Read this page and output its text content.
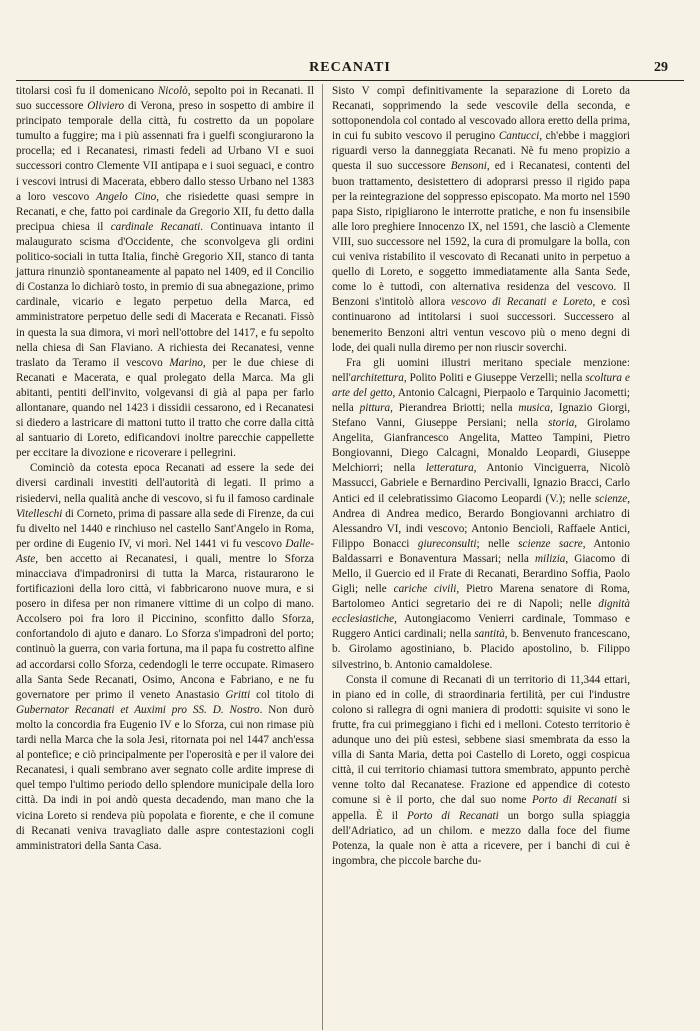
RECANATI	29

titolarsi così fu il domenicano Nicolò, sepolto poi in Recanati. Il suo successore Oliviero di Verona, preso in sospetto di ambire il principato temporale della città, fu costretto da un popolare tumulto a fuggire; ma i più assennati fra i guelfi scongiurarono la procella; ed i Recanatesi, rimasti fedeli ad Urbano VI e suoi successori contro Clemente VII antipapa e i suoi seguaci, e contro i vescovi intrusi di Macerata, ebbero dallo stesso Urbano nel 1383 a loro vescovo Angelo Cino, che risiedette quasi sempre in Recanati, e che, fatto poi cardinale da Gregorio XII, fu detto dalla precipua chiesa il cardinale Recanati. Continuava intanto il malaugurato scisma d'Occidente, che sconvolgeva gli ordini politico-sociali in tutta Italia, finchè Gregorio XII, stanco di tanta jattura rinunziò spontaneamente al papato nel 1409, ed il Concilio di Costanza lo dichiarò tosto, in premio di sua abnegazione, primo cardinale, vicario e legato perpetuo della Marca, ed amministratore perpetuo delle sedi di Macerata e Recanati. Fissò in questa la sua dimora, vi morì nell'ottobre del 1417, e fu sepolto nella chiesa di San Flaviano. A richiesta dei Recanatesi, venne traslato da Teramo il vescovo Marino, per le due chiese di Recanati e Macerata, e qual prolegato della Marca. Ma gli abitanti, pentiti dell'invito, volgevansi di già al papa per farlo allontanare, quando nel 1423 i dissidii cessarono, ed i Recanatesi si diedero a lastricare di mattoni tutto il tratto che corre dalla città al santuario di Loreto, edificandovi inoltre parecchie cappellette per eccitare la divozione e ricoverare i pellegrini.

Cominciò da cotesta epoca Recanati ad essere la sede dei diversi cardinali investiti dell'autorità di legati. Il primo a risiedervi, nella qualità anche di vescovo, si fu il famoso cardinale Vitelleschi di Corneto, prima di passare alla sede di Firenze, da cui fu divelto nel 1440 e rinchiuso nel castello Sant'Angelo in Roma, per ordine di Eugenio IV, vi morì. Nel 1441 vi fu vescovo Dalle-Aste, ben accetto ai Recanatesi, i quali, mentre lo Sforza minacciava d'impadronirsi di tutta la Marca, ristaurarono le fortificazioni della loro città, vi fabbricarono nuove mura, e si posero in difesa per non rimanere vittime di un colpo di mano. Accolsero poi fra loro il Piccinino, sconfitto dallo Sforza, confortandolo di ajuto e danaro. Lo Sforza s'impadronì del porto; continuò la guerra, con varia fortuna, ma il papa fu costretto alfine ad accordarsi collo Sforza, cedendogli le terre occupate. Rimasero alla Santa Sede Recanati, Osimo, Ancona e Fabriano, e ne fu governatore per primo il veneto Anastasio Gritti col titolo di Gubernator Recanati et Auximi pro SS. D. Nostro. Non durò molto la concordia fra Eugenio IV e lo Sforza, cui non rimase più tardi nella Marca che la sola Jesi, ritornata poi nel 1447 anch'essa al pontefice; e ciò principalmente per l'operosità e per il valore dei Recanatesi, i quali sembrano aver segnato colle ardite imprese di quel tempo l'ultimo periodo dello splendore municipale della loro città. Da indi in poi andò questa decadendo, man mano che la vicina Loreto si rendeva più popolata e fiorente, e che il comune di Recanati veniva travagliato dalle aspre contestazioni cogli amministratori della Santa Casa.

Sisto V compì definitivamente la separazione di Loreto da Recanati, sopprimendo la sede vescovile della seconda, e sottoponendola col contado al vescovado allora eretto della prima, in cui fu subito vescovo il perugino Cantucci, ch'ebbe i maggiori riguardi verso la danneggiata Recanati. Nè fu meno propizio a questa il suo successore Bensoni, ed i Recanatesi, contenti del buon trattamento, desistettero di adoprarsi presso il rigido papa per la reintegrazione del soppresso episcopato. Ma morto nel 1590 papa Sisto, ripigliarono le interrotte pratiche, e non fu insensibile alle loro preghiere Innocenzo IX, nel 1591, che lasciò a Clemente VIII, suo successore nel 1592, la cura di promulgare la bolla, con cui veniva ristabilito il vescovato di Recanati unito in perpetuo a quello di Loreto, e soggetto immediatamente alla Santa Sede, come lo è tuttodì, con alternativa residenza del vescovo. Il Benzoni s'intitolò allora vescovo di Recanati e Loreto, e così continuarono ad intitolarsi i suoi successori. Successero al benemerito Benzoni altri ventun vescovo più o meno degni di lode, dei quali nulla diremo per non riuscir soverchi.

Fra gli uomini illustri meritano speciale menzione: nell'architettura, Polito Politi e Giuseppe Verzelli; nella scoltura e arte del getto, Antonio Calcagni, Pierpaolo e Tarquinio Jacometti; nella pittura, Pierandrea Briotti; nella musica, Ignazio Giorgi, Stefano Vanni, Giuseppe Persiani; nella storia, Girolamo Angelita, Gianfrancesco Angelita, Matteo Tampini, Pietro Bongiovanni, Diego Calcagni, Monaldo Leopardi, Giuseppe Melchiorri; nella letteratura, Antonio Vinciguerra, Nicolò Massucci, Gabriele e Bernardino Percivalli, Ignazio Bracci, Carlo Antici ed il celebratissimo Giacomo Leopardi (V.); nelle scienze, Andrea di Andrea medico, Berardo Bongiovanni archiatro di Alessandro VI, indi vescovo; Antonio Bencioli, Raffaele Antici, Filippo Bonacci giureconsulti; nelle scienze sacre, Antonio Baldassarri e Bonaventura Massari; nella milizia, Giacomo di Mello, il Guercio ed il Frate di Recanati, Berardino Soffia, Paolo Gigli; nelle cariche civili, Pietro Marena senatore di Roma, Bartolomeo Antici segretario dei re di Napoli; nelle dignità ecclesiastiche, Autongiacomo Venierri cardinale, Tommaso e Ruggero Antici cardinali; nella santità, b. Benvenuto francescano, b. Girolamo agostiniano, b. Placido apostolino, b. Filippo silvestrino, b. Antonio camaldolese.

Consta il comune di Recanati di un territorio di 11,344 ettari, in piano ed in colle, di straordinaria fertilità, per cui l'industre colono si rallegra di ogni maniera di prodotti: squisite vi sono le frutte, fra cui primeggiano i fichi ed i melloni. Cotesto territorio è adunque uno dei più estesi, sebbene siasi smembrata da esso la villa di Santa Maria, detta poi Castello di Loreto, oggi cospicua città, il cui territorio chiamasi tuttora smembrato, appunto perchè venne tolto dal Recanatese. Frazione ed appendice di cotesto comune si è il porto, che dal suo nome Porto di Recanati si appella. È il Porto di Recanati un borgo sulla spiaggia dell'Adriatico, ad un chilom. e mezzo dalla foce del fiume Potenza, la quale non è atta a ricevere, per i banchi di cui è ingombra, che piccole barche du-
